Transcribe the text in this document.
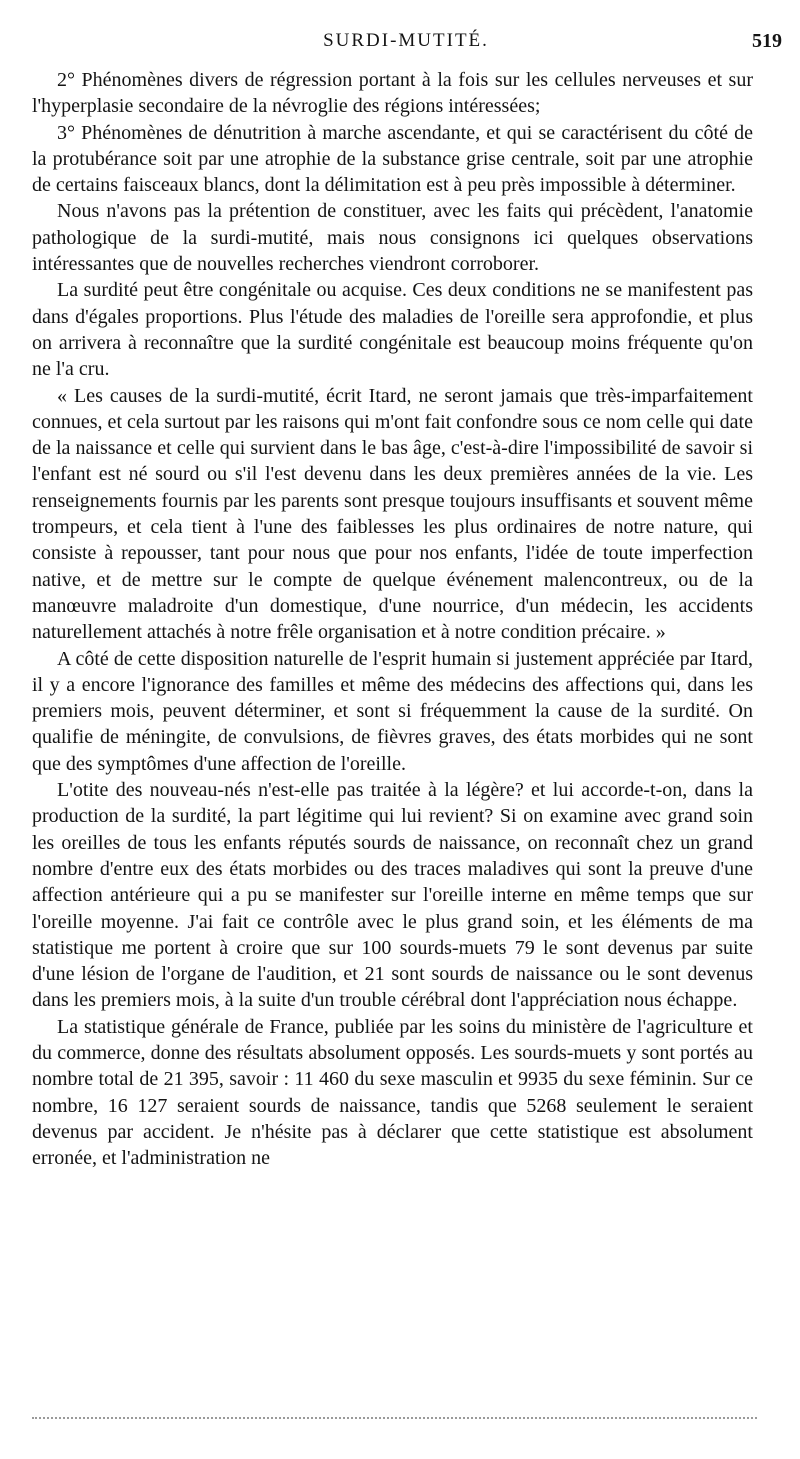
SURDI-MUTITÉ.	519

2° Phénomènes divers de régression portant à la fois sur les cellules nerveuses et sur l'hyperplasie secondaire de la névroglie des régions intéressées;

3° Phénomènes de dénutrition à marche ascendante, et qui se caractérisent du côté de la protubérance soit par une atrophie de la substance grise centrale, soit par une atrophie de certains faisceaux blancs, dont la délimitation est à peu près impossible à déterminer.

Nous n'avons pas la prétention de constituer, avec les faits qui précèdent, l'anatomie pathologique de la surdi-mutité, mais nous consignons ici quelques observations intéressantes que de nouvelles recherches viendront corroborer.

La surdité peut être congénitale ou acquise. Ces deux conditions ne se manifestent pas dans d'égales proportions. Plus l'étude des maladies de l'oreille sera approfondie, et plus on arrivera à reconnaître que la surdité congénitale est beaucoup moins fréquente qu'on ne l'a cru.

« Les causes de la surdi-mutité, écrit Itard, ne seront jamais que très-imparfaitement connues, et cela surtout par les raisons qui m'ont fait confondre sous ce nom celle qui date de la naissance et celle qui survient dans le bas âge, c'est-à-dire l'impossibilité de savoir si l'enfant est né sourd ou s'il l'est devenu dans les deux premières années de la vie. Les renseignements fournis par les parents sont presque toujours insuffisants et souvent même trompeurs, et cela tient à l'une des faiblesses les plus ordinaires de notre nature, qui consiste à repousser, tant pour nous que pour nos enfants, l'idée de toute imperfection native, et de mettre sur le compte de quelque événement malencontreux, ou de la manœuvre maladroite d'un domestique, d'une nourrice, d'un médecin, les accidents naturellement attachés à notre frêle organisation et à notre condition précaire. »

A côté de cette disposition naturelle de l'esprit humain si justement appréciée par Itard, il y a encore l'ignorance des familles et même des médecins des affections qui, dans les premiers mois, peuvent déterminer, et sont si fréquemment la cause de la surdité. On qualifie de méningite, de convulsions, de fièvres graves, des états morbides qui ne sont que des symptômes d'une affection de l'oreille.

L'otite des nouveau-nés n'est-elle pas traitée à la légère? et lui accorde-t-on, dans la production de la surdité, la part légitime qui lui revient? Si on examine avec grand soin les oreilles de tous les enfants réputés sourds de naissance, on reconnaît chez un grand nombre d'entre eux des états morbides ou des traces maladives qui sont la preuve d'une affection antérieure qui a pu se manifester sur l'oreille interne en même temps que sur l'oreille moyenne. J'ai fait ce contrôle avec le plus grand soin, et les éléments de ma statistique me portent à croire que sur 100 sourds-muets 79 le sont devenus par suite d'une lésion de l'organe de l'audition, et 21 sont sourds de naissance ou le sont devenus dans les premiers mois, à la suite d'un trouble cérébral dont l'appréciation nous échappe.

La statistique générale de France, publiée par les soins du ministère de l'agriculture et du commerce, donne des résultats absolument opposés. Les sourds-muets y sont portés au nombre total de 21 395, savoir : 11 460 du sexe masculin et 9935 du sexe féminin. Sur ce nombre, 16 127 seraient sourds de naissance, tandis que 5268 seulement le seraient devenus par accident. Je n'hésite pas à déclarer que cette statistique est absolument erronée, et l'administration ne
